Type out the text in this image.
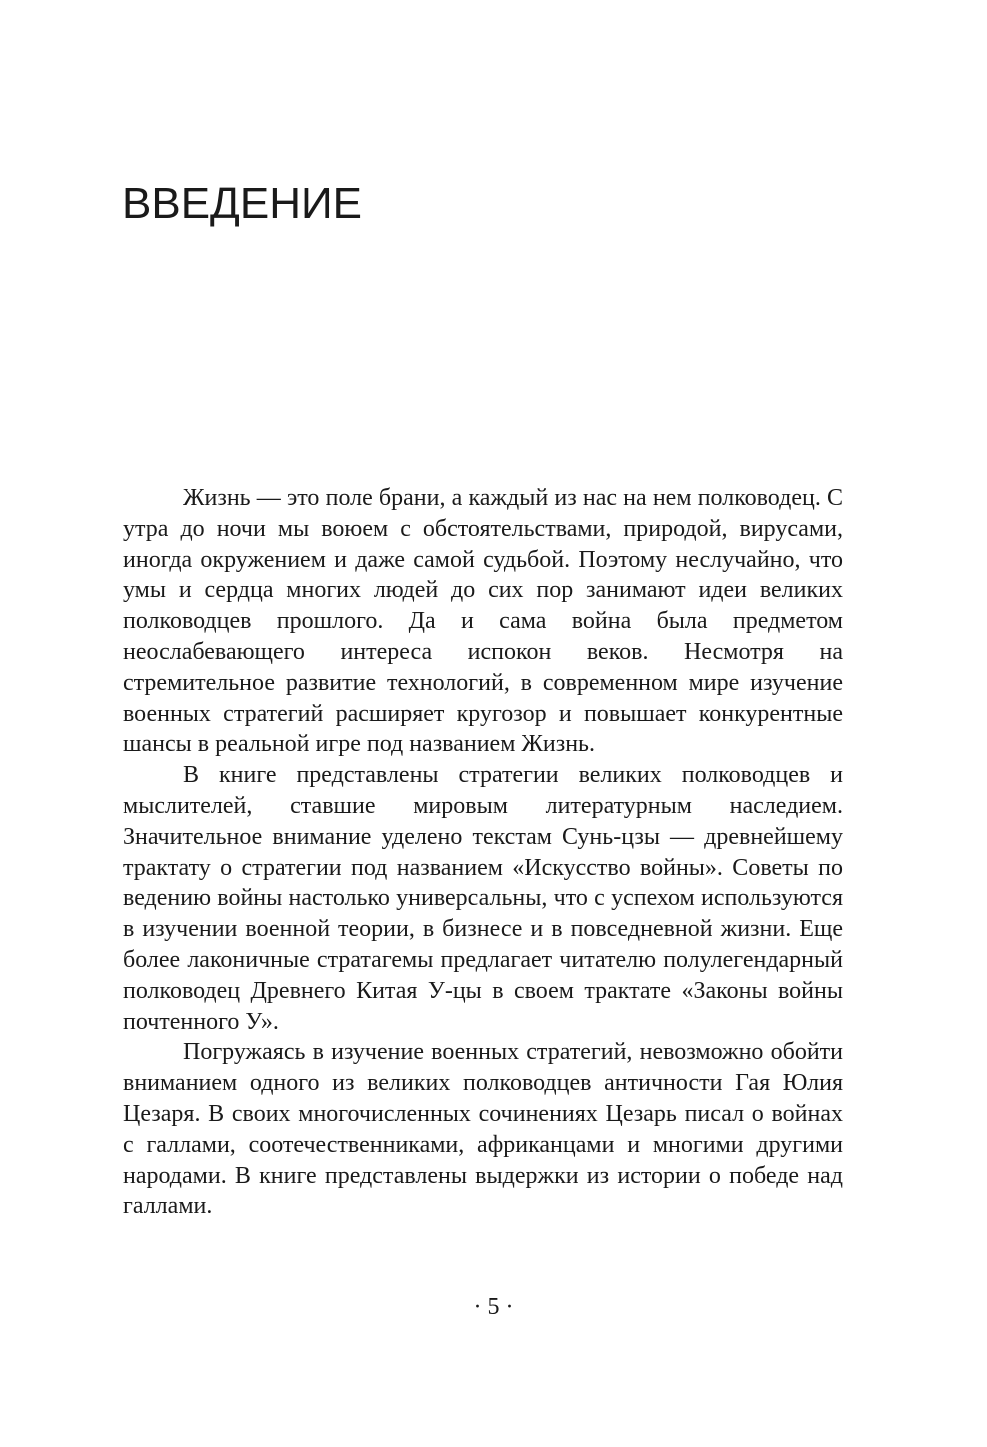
ВВЕДЕНИЕ

Жизнь — это поле брани, а каждый из нас на нем полководец. С утра до ночи мы воюем с обстоятельствами, природой, вирусами, иногда окружением и даже самой судьбой. Поэтому неслучайно, что умы и сердца многих людей до сих пор занимают идеи великих полководцев прошлого. Да и сама война была предметом неослабевающего интереса испокон веков. Несмотря на стремительное развитие технологий, в современном мире изучение военных стратегий расширяет кругозор и повышает конкурентные шансы в реальной игре под названием Жизнь.

В книге представлены стратегии великих полководцев и мыслителей, ставшие мировым литературным наследием. Значительное внимание уделено текстам Сунь-цзы — древнейшему трактату о стратегии под названием «Искусство войны». Советы по ведению войны настолько универсальны, что с успехом используются в изучении военной теории, в бизнесе и в повседневной жизни. Еще более лаконичные стратагемы предлагает читателю полулегендарный полководец Древнего Китая У-цы в своем трактате «Законы войны почтенного У».

Погружаясь в изучение военных стратегий, невозможно обойти вниманием одного из великих полководцев античности Гая Юлия Цезаря. В своих многочисленных сочинениях Цезарь писал о войнах с галлами, соотечественниками, африканцами и многими другими народами. В книге представлены выдержки из истории о победе над галлами.

· 5 ·
